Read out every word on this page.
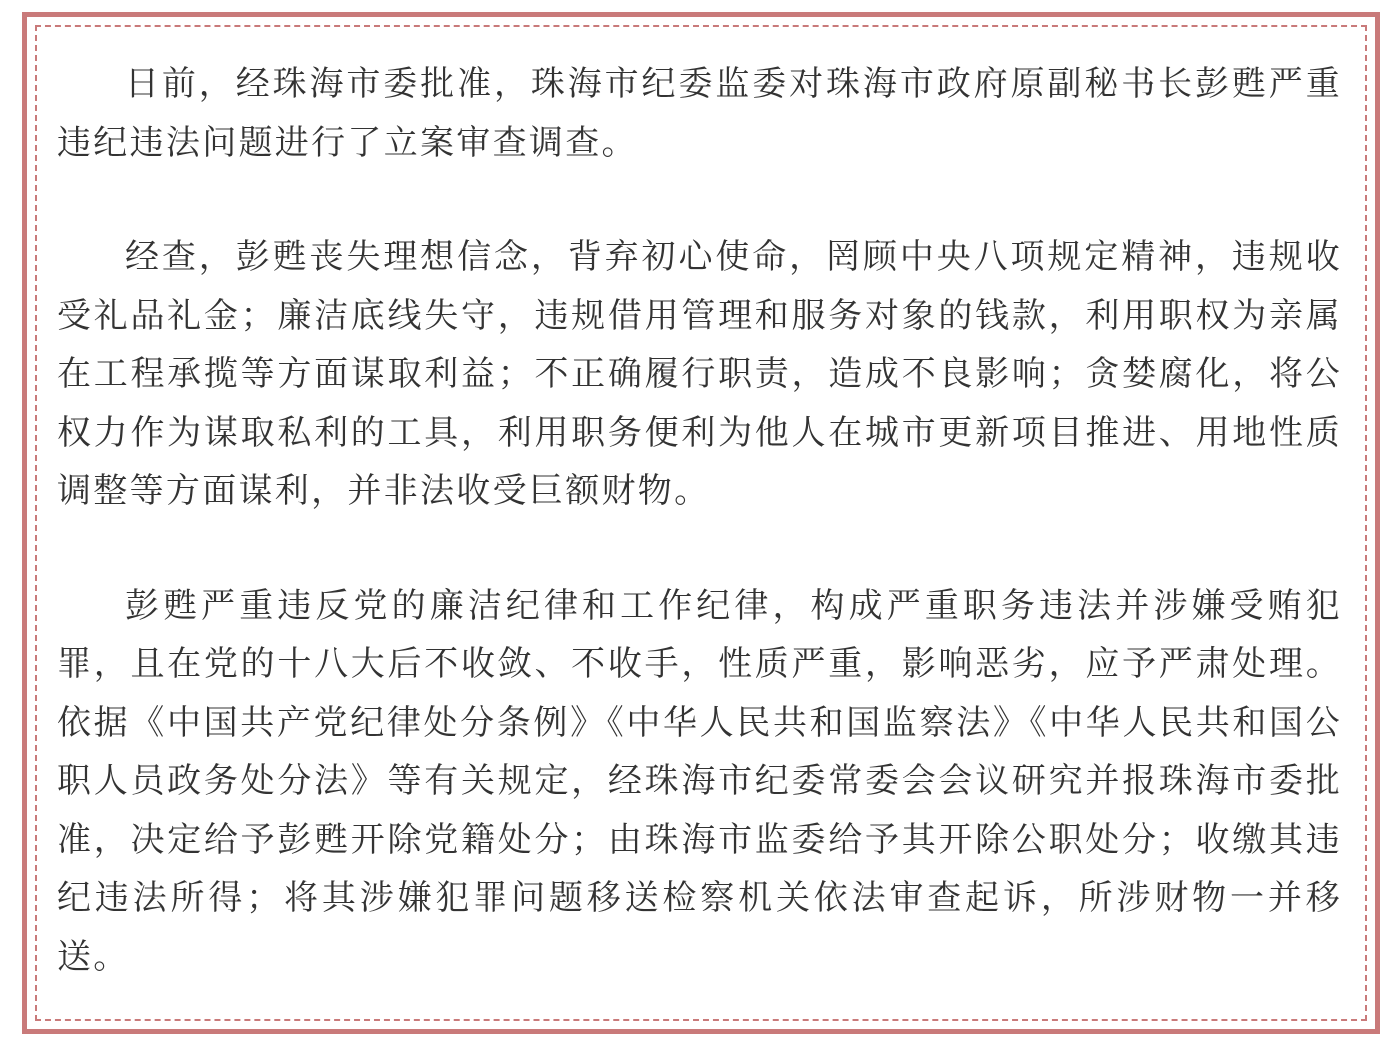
日前，经珠海市委批准，珠海市纪委监委对珠海市政府原副秘书长彭甦严重违纪违法问题进行了立案审查调查。

经查，彭甦丧失理想信念，背弃初心使命，罔顾中央八项规定精神，违规收受礼品礼金；廉洁底线失守，违规借用管理和服务对象的钱款，利用职权为亲属在工程承揽等方面谋取利益；不正确履行职责，造成不良影响；贪婪腐化，将公权力作为谋取私利的工具，利用职务便利为他人在城市更新项目推进、用地性质调整等方面谋利，并非法收受巨额财物。

彭甦严重违反党的廉洁纪律和工作纪律，构成严重职务违法并涉嫌受贿犯罪，且在党的十八大后不收敛、不收手，性质严重，影响恶劣，应予严肃处理。依据《中国共产党纪律处分条例》《中华人民共和国监察法》《中华人民共和国公职人员政务处分法》等有关规定，经珠海市纪委常委会会议研究并报珠海市委批准，决定给予彭甦开除党籍处分；由珠海市监委给予其开除公职处分；收缴其违纪违法所得；将其涉嫌犯罪问题移送检察机关依法审查起诉，所涉财物一并移送。
